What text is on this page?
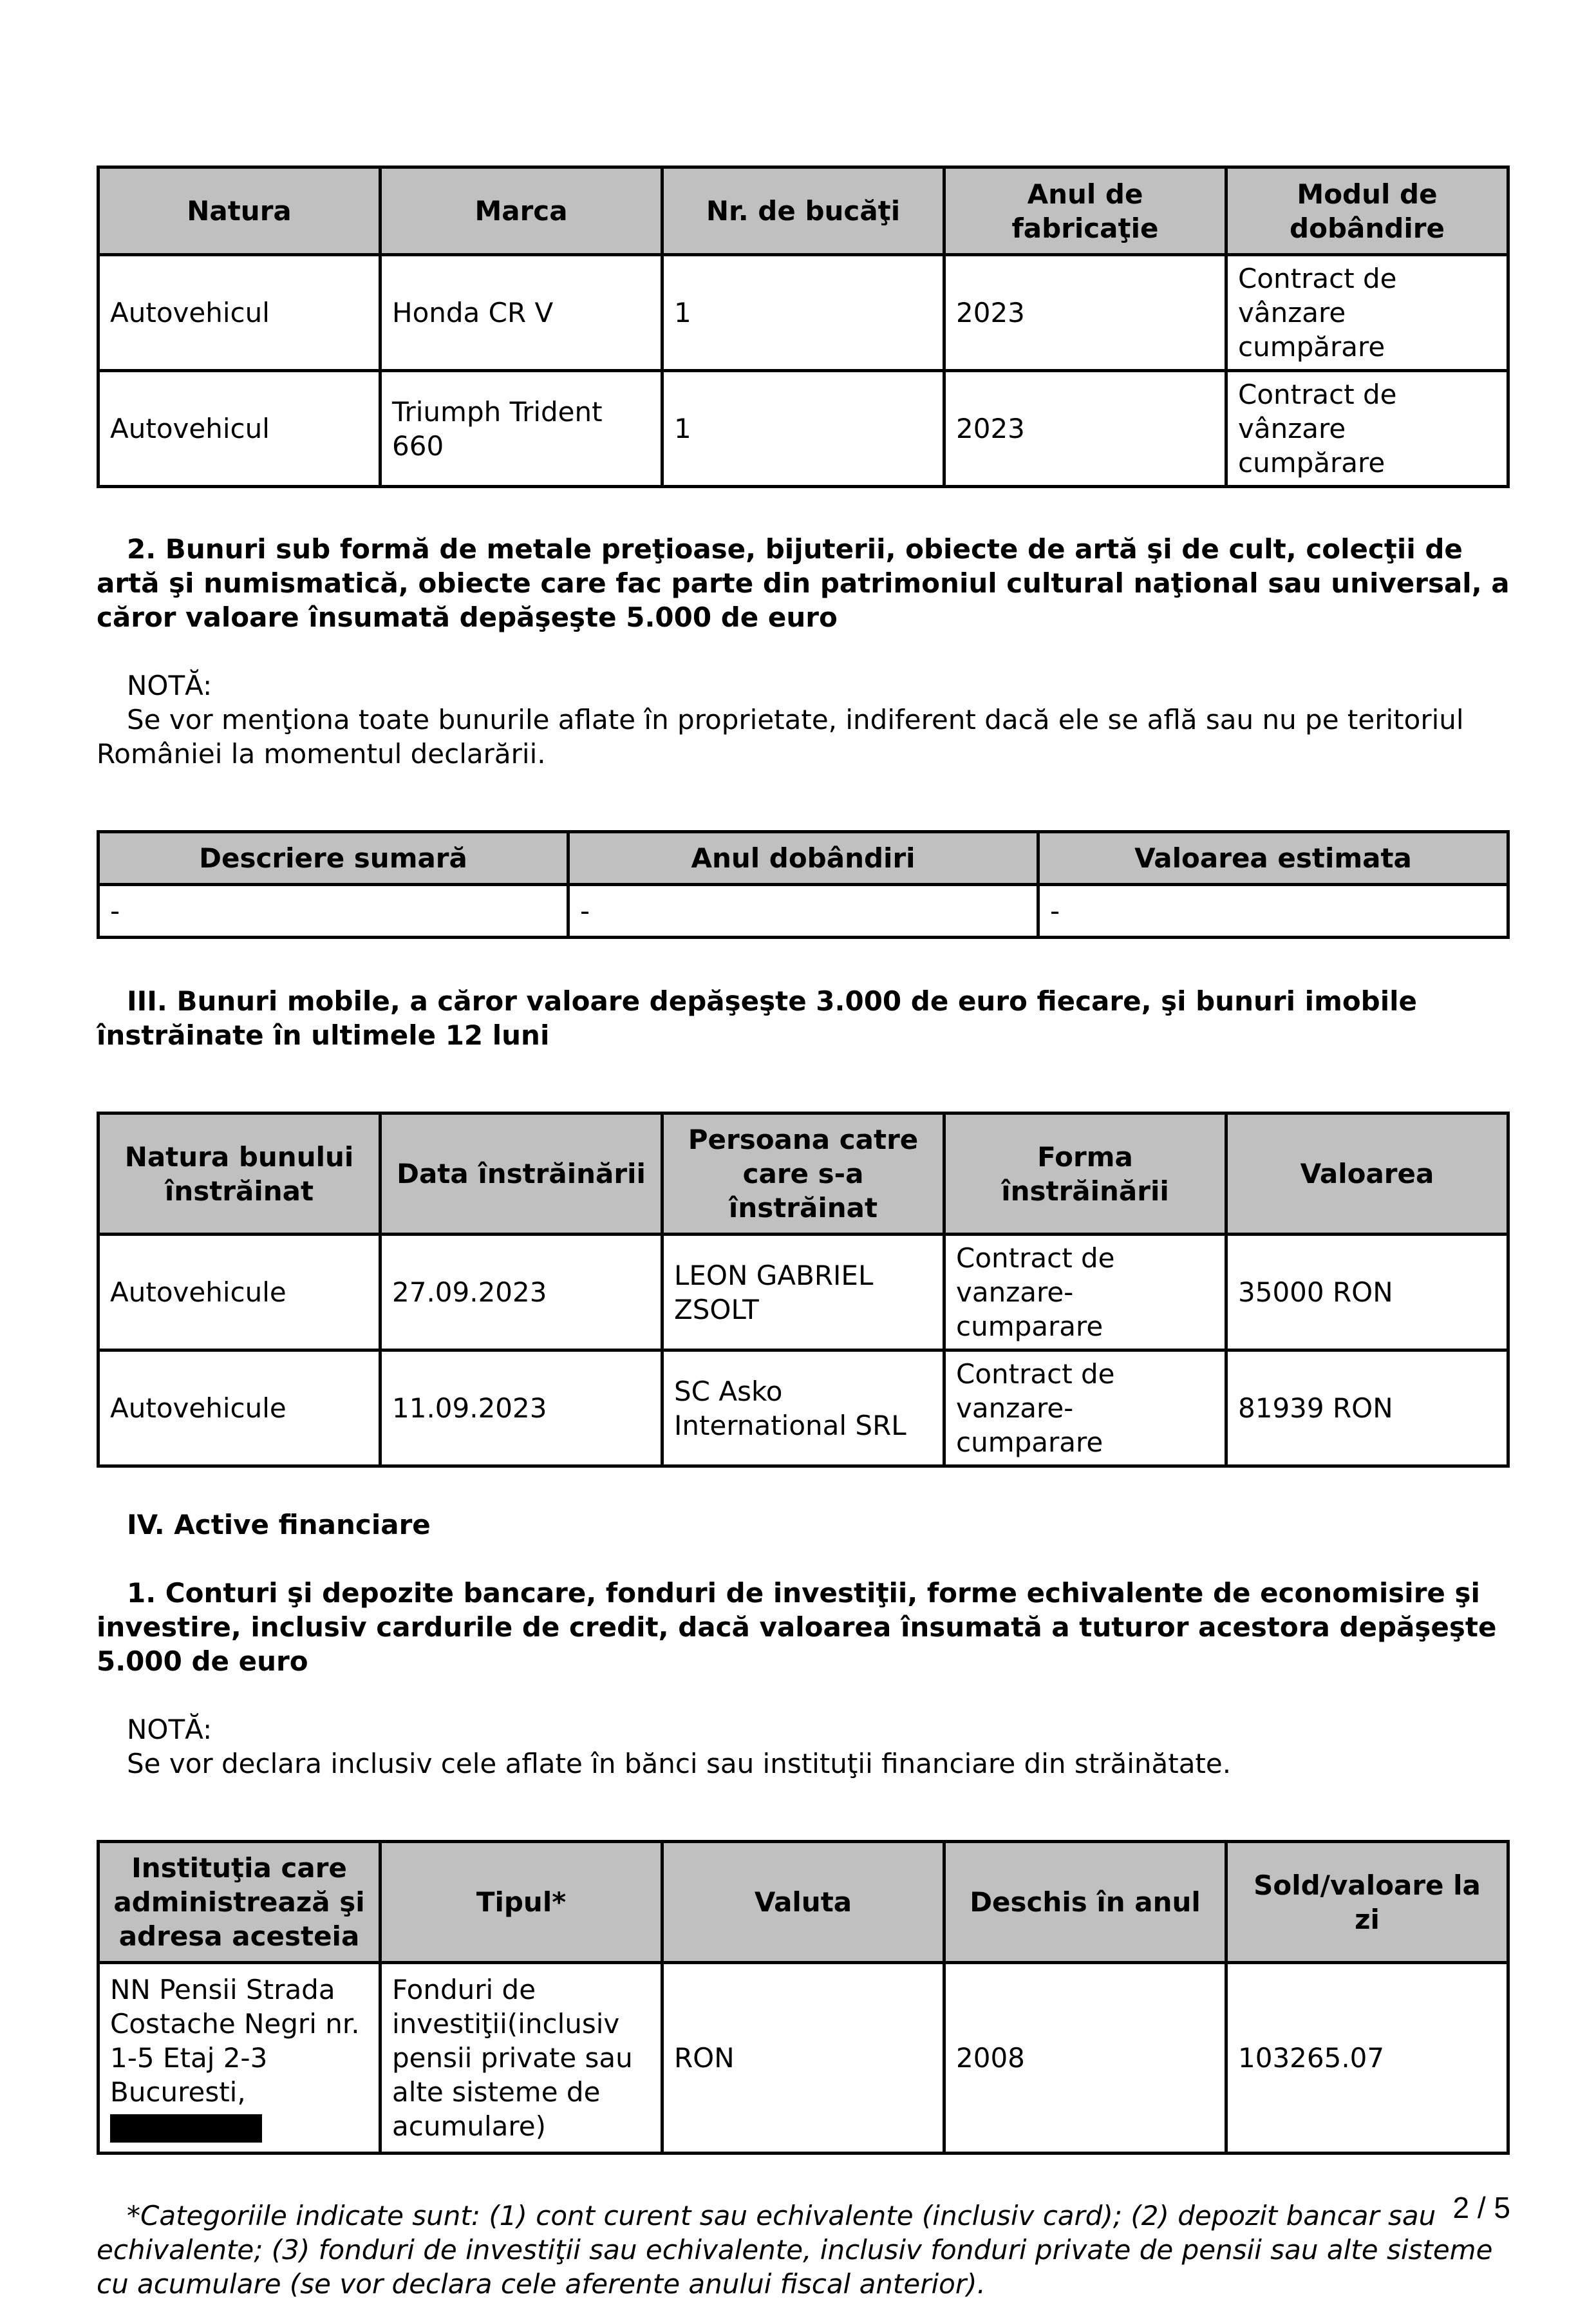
Natura	Marca	Nr. de bucăţi	Anul de fabricaţie	Modul de dobândire
Autovehicul	Honda CR V	1	2023	Contract de vânzare cumpărare
Autovehicul	Triumph Trident 660	1	2023	Contract de vânzare cumpărare

2. Bunuri sub formă de metale preţioase, bijuterii, obiecte de artă şi de cult, colecţii de artă şi numismatică, obiecte care fac parte din patrimoniul cultural naţional sau universal, a căror valoare însumată depăşeşte 5.000 de euro

NOTĂ:

Se vor menţiona toate bunurile aflate în proprietate, indiferent dacă ele se află sau nu pe teritoriul României la momentul declarării.

Descriere sumară	Anul dobândiri	Valoarea estimata
-	-	-

III. Bunuri mobile, a căror valoare depăşeşte 3.000 de euro fiecare, şi bunuri imobile înstrăinate în ultimele 12 luni

Natura bunului înstrăinat	Data înstrăinării	Persoana catre care s-a înstrăinat	Forma înstrăinării	Valoarea
Autovehicule	27.09.2023	LEON GABRIEL ZSOLT	Contract de vanzare-cumparare	35000 RON
Autovehicule	11.09.2023	SC Asko International SRL	Contract de vanzare-cumparare	81939 RON

IV. Active financiare

1. Conturi şi depozite bancare, fonduri de investiţii, forme echivalente de economisire şi investire, inclusiv cardurile de credit, dacă valoarea însumată a tuturor acestora depăşeşte 5.000 de euro

NOTĂ:

Se vor declara inclusiv cele aflate în bănci sau instituţii financiare din străinătate.

Instituţia care administrează şi adresa acesteia	Tipul*	Valuta	Deschis în anul	Sold/valoare la zi
NN Pensii Strada Costache Negri nr. 1-5 Etaj 2-3 Bucuresti,	Fonduri de investiţii(inclusiv pensii private sau alte sisteme de acumulare)	RON	2008	103265.07

*Categoriile indicate sunt: (1) cont curent sau echivalente (inclusiv card); (2) depozit bancar sau echivalente; (3) fonduri de investiţii sau echivalente, inclusiv fonduri private de pensii sau alte sisteme cu acumulare (se vor declara cele aferente anului fiscal anterior).

2 / 5
